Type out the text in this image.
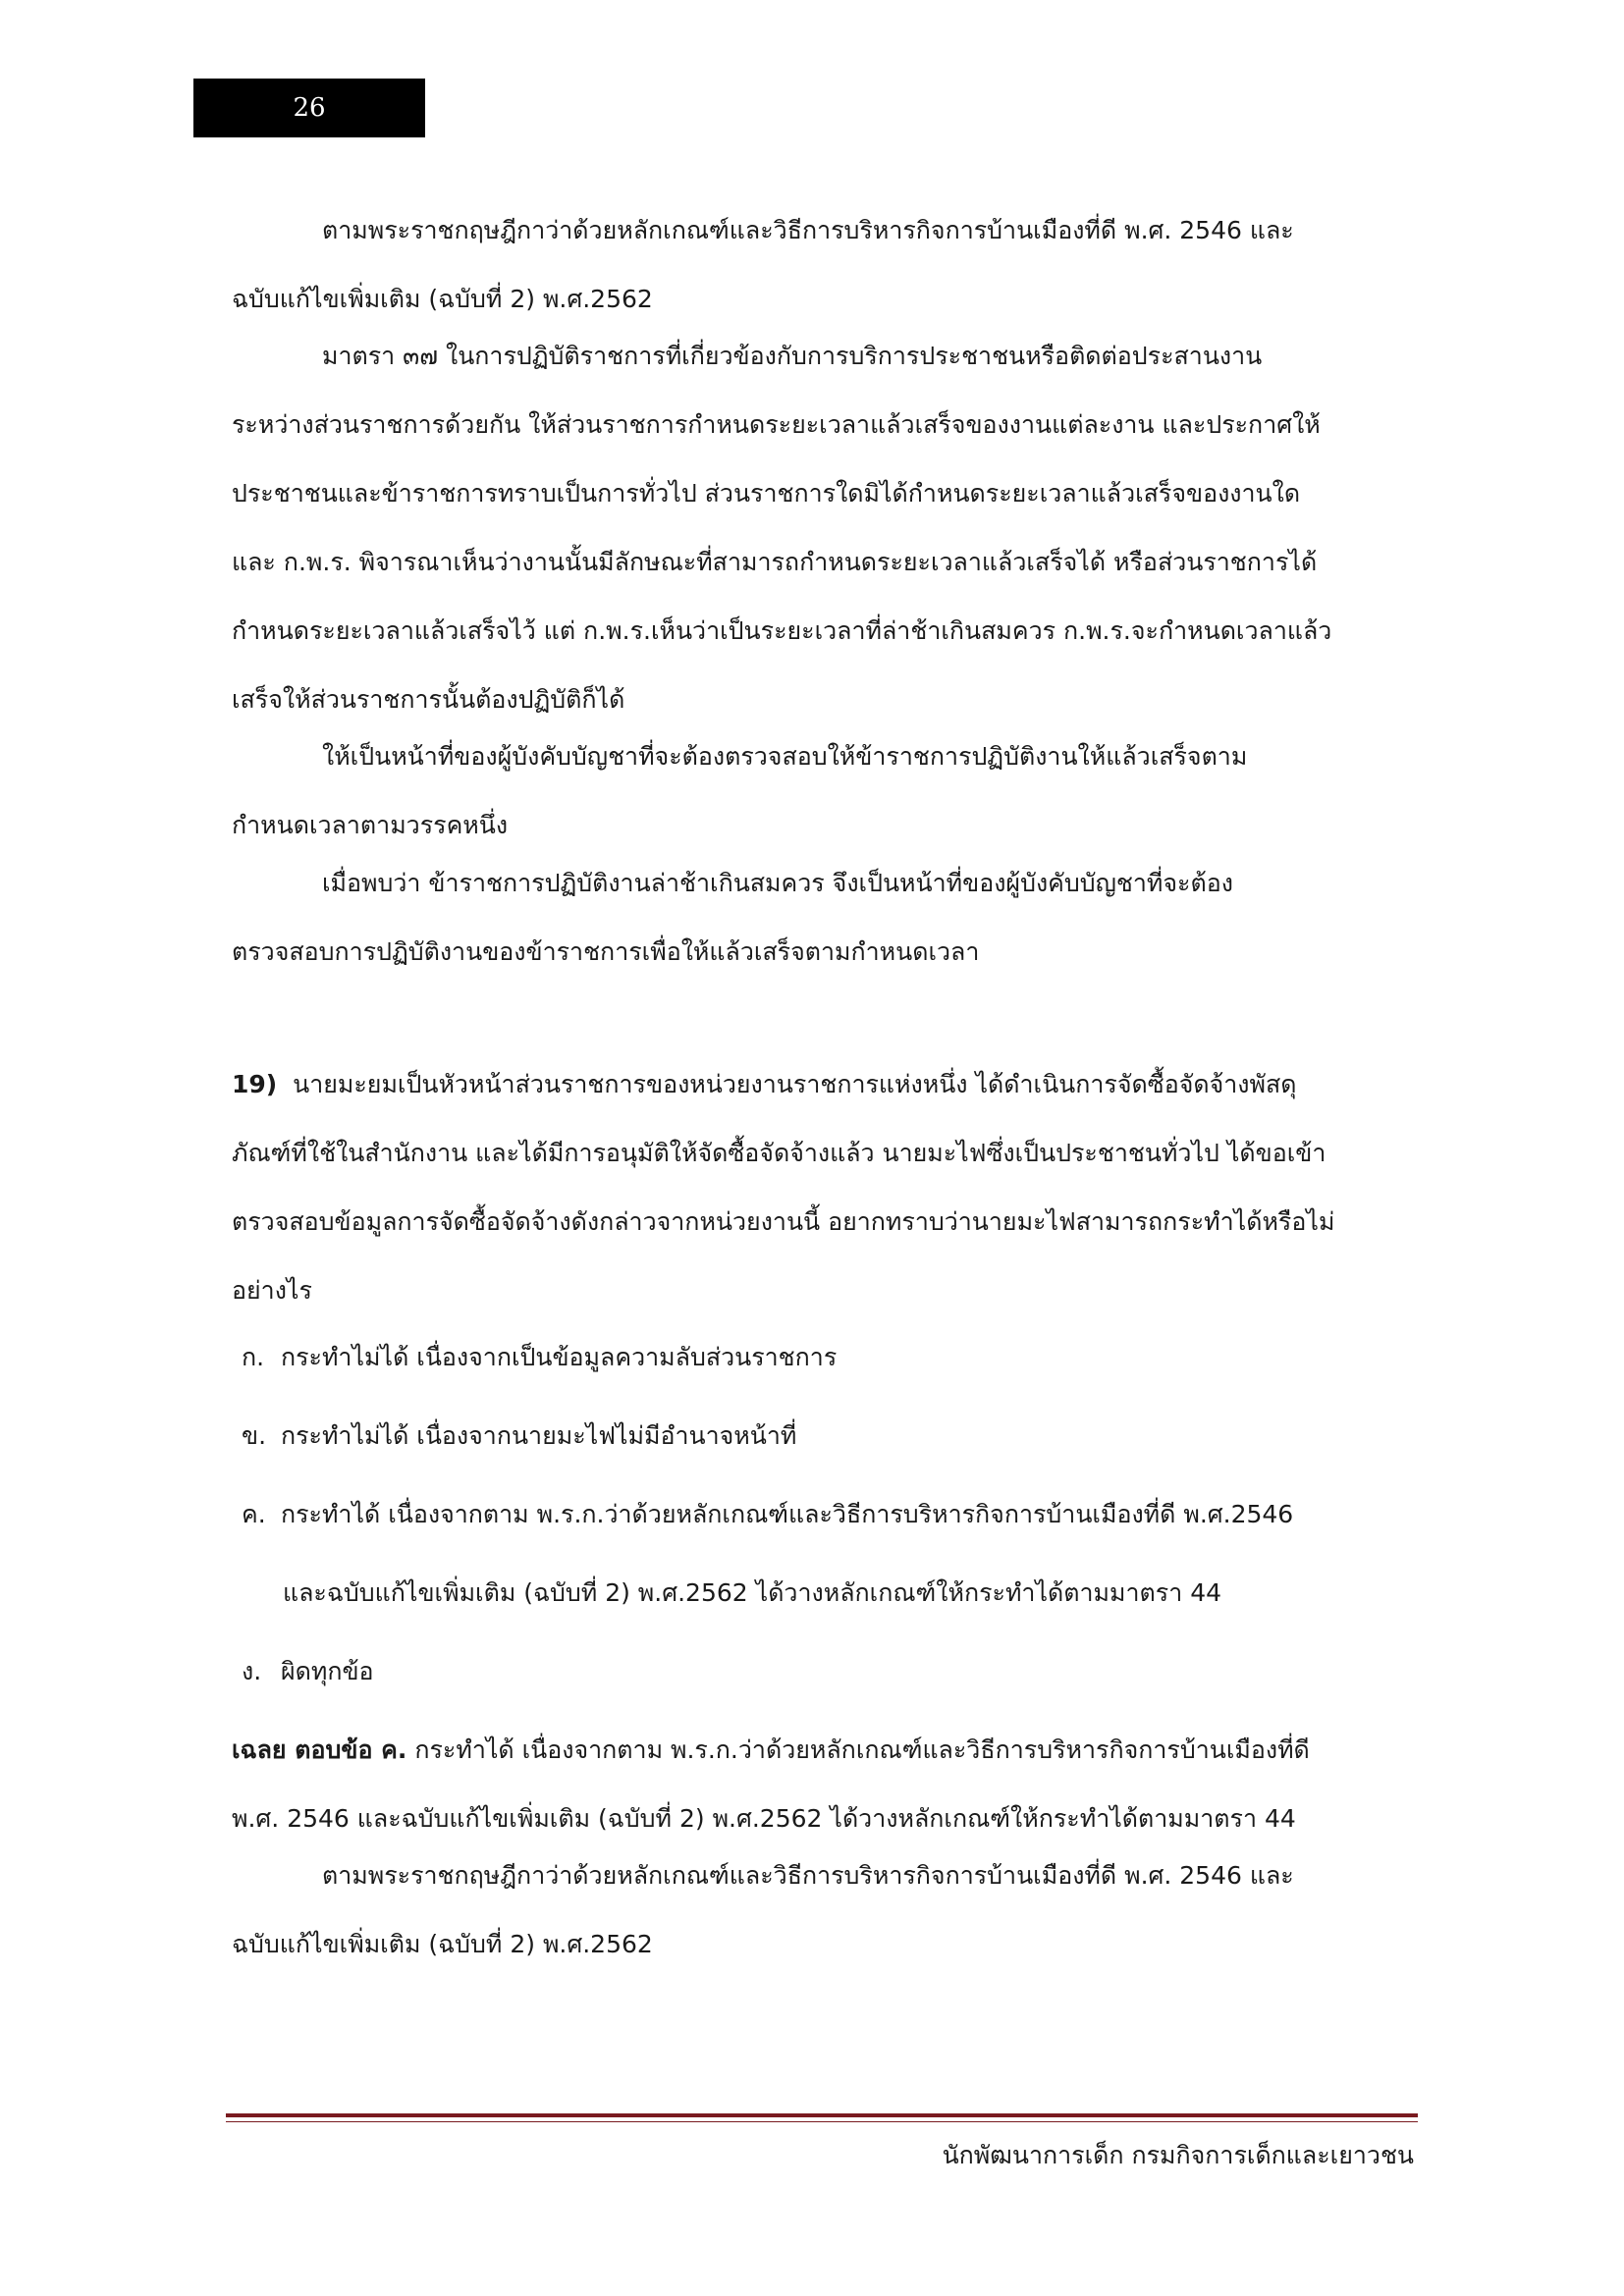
26
ตามพระราชกฤษฎีกาว่าด้วยหลักเกณฑ์และวิธีการบริหารกิจการบ้านเมืองที่ดี พ.ศ. 2546 และ
ฉบับแก้ไขเพิ่มเติม (ฉบับที่ 2) พ.ศ.2562
มาตรา ๓๗ ในการปฏิบัติราชการที่เกี่ยวข้องกับการบริการประชาชนหรือติดต่อประสานงาน
ระหว่างส่วนราชการด้วยกัน ให้ส่วนราชการกำหนดระยะเวลาแล้วเสร็จของงานแต่ละงาน และประกาศให้
ประชาชนและข้าราชการทราบเป็นการทั่วไป ส่วนราชการใดมิได้กำหนดระยะเวลาแล้วเสร็จของงานใด
และ ก.พ.ร. พิจารณาเห็นว่างานนั้นมีลักษณะที่สามารถกำหนดระยะเวลาแล้วเสร็จได้ หรือส่วนราชการได้
กำหนดระยะเวลาแล้วเสร็จไว้ แต่ ก.พ.ร.เห็นว่าเป็นระยะเวลาที่ล่าช้าเกินสมควร ก.พ.ร.จะกำหนดเวลาแล้ว
เสร็จให้ส่วนราชการนั้นต้องปฏิบัติก็ได้
ให้เป็นหน้าที่ของผู้บังคับบัญชาที่จะต้องตรวจสอบให้ข้าราชการปฏิบัติงานให้แล้วเสร็จตาม
กำหนดเวลาตามวรรคหนึ่ง
เมื่อพบว่า ข้าราชการปฏิบัติงานล่าช้าเกินสมควร จึงเป็นหน้าที่ของผู้บังคับบัญชาที่จะต้อง
ตรวจสอบการปฏิบัติงานของข้าราชการเพื่อให้แล้วเสร็จตามกำหนดเวลา
19) นายมะยมเป็นหัวหน้าส่วนราชการของหน่วยงานราชการแห่งหนึ่ง ได้ดำเนินการจัดซื้อจัดจ้างพัสดุ
ภัณฑ์ที่ใช้ในสำนักงาน และได้มีการอนุมัติให้จัดซื้อจัดจ้างแล้ว นายมะไฟซึ่งเป็นประชาชนทั่วไป ได้ขอเข้า
ตรวจสอบข้อมูลการจัดซื้อจัดจ้างดังกล่าวจากหน่วยงานนี้ อยากทราบว่านายมะไฟสามารถกระทำได้หรือไม่
อย่างไร
ก. กระทำไม่ได้ เนื่องจากเป็นข้อมูลความลับส่วนราชการ
ข. กระทำไม่ได้ เนื่องจากนายมะไฟไม่มีอำนาจหน้าที่
ค. กระทำได้ เนื่องจากตาม พ.ร.ก.ว่าด้วยหลักเกณฑ์และวิธีการบริหารกิจการบ้านเมืองที่ดี พ.ศ.2546
และฉบับแก้ไขเพิ่มเติม (ฉบับที่ 2) พ.ศ.2562 ได้วางหลักเกณฑ์ให้กระทำได้ตามมาตรา 44
ง. ผิดทุกข้อ
เฉลย ตอบข้อ ค. กระทำได้ เนื่องจากตาม พ.ร.ก.ว่าด้วยหลักเกณฑ์และวิธีการบริหารกิจการบ้านเมืองที่ดี
พ.ศ. 2546 และฉบับแก้ไขเพิ่มเติม (ฉบับที่ 2) พ.ศ.2562 ได้วางหลักเกณฑ์ให้กระทำได้ตามมาตรา 44
ตามพระราชกฤษฎีกาว่าด้วยหลักเกณฑ์และวิธีการบริหารกิจการบ้านเมืองที่ดี พ.ศ. 2546 และ
ฉบับแก้ไขเพิ่มเติม (ฉบับที่ 2) พ.ศ.2562
นักพัฒนาการเด็ก กรมกิจการเด็กและเยาวชน
